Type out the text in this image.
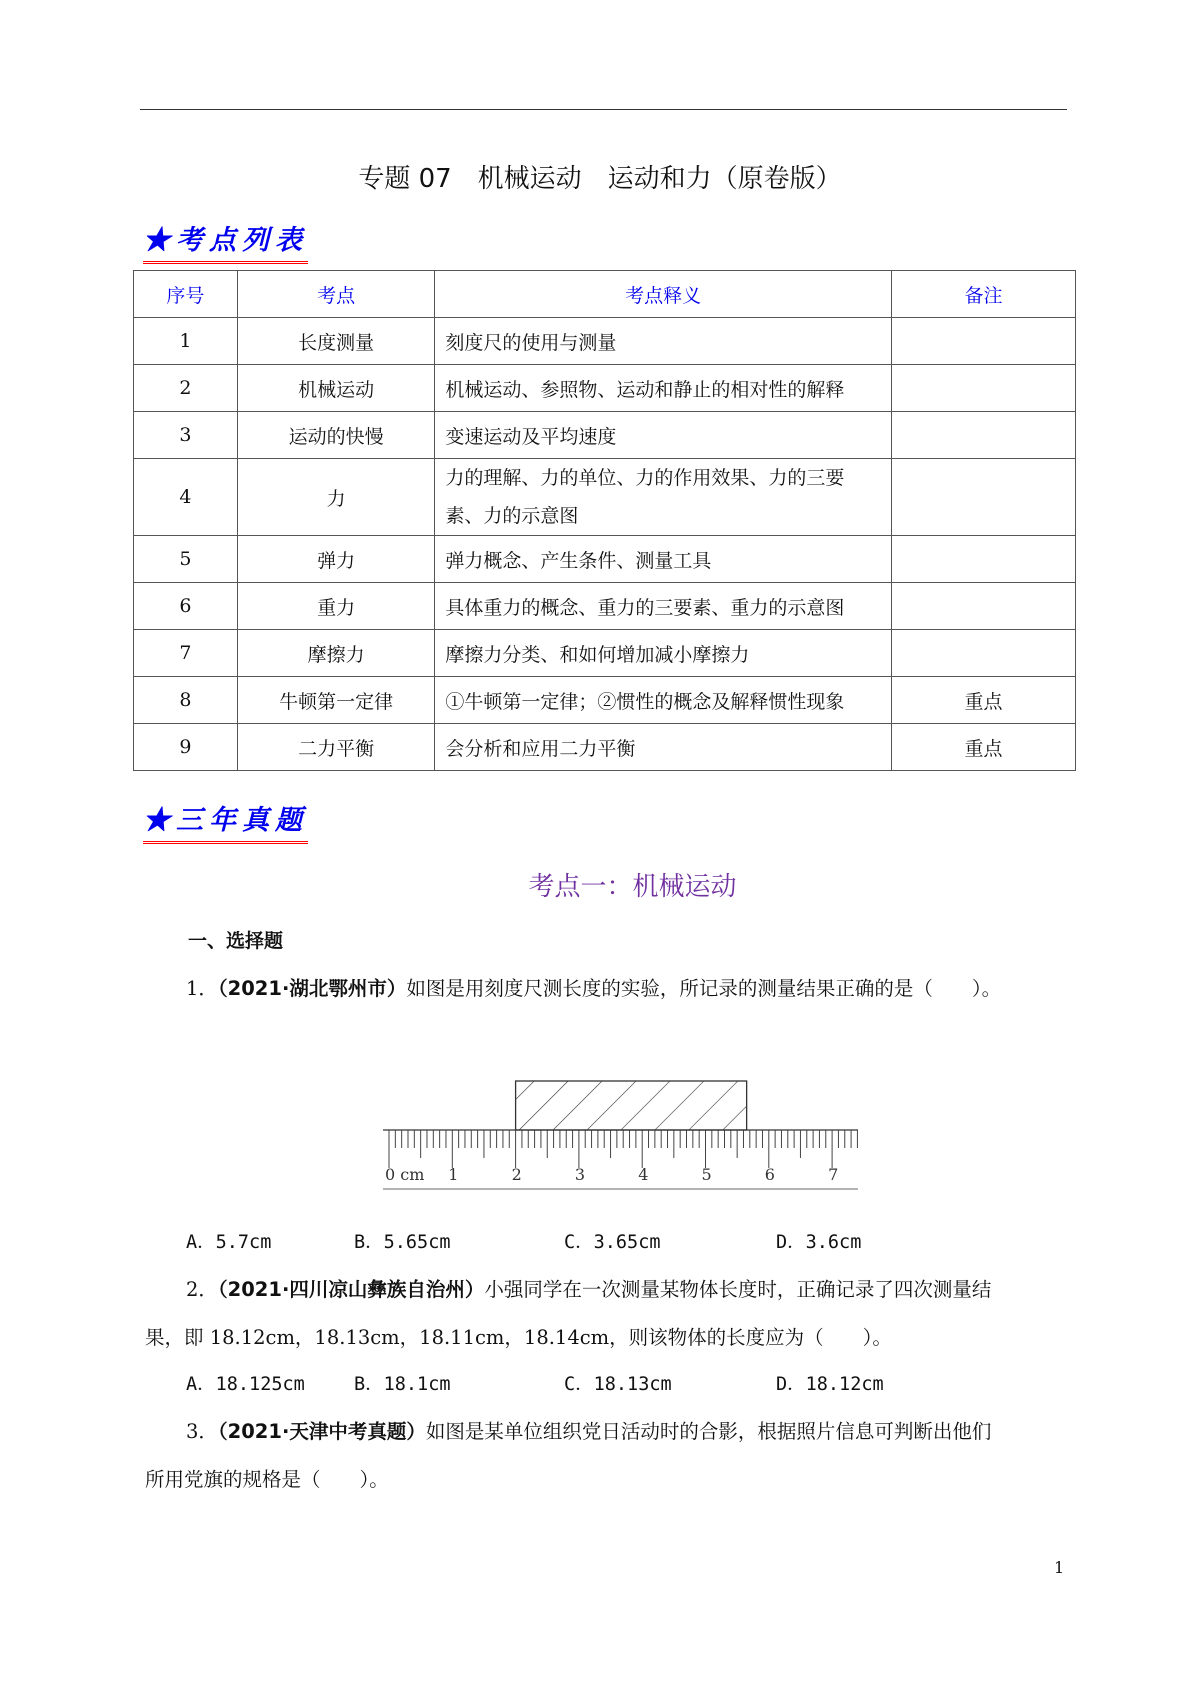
专题 07　机械运动　运动和力（原卷版）
★考点列表
序号	考点	考点释义	备注
1	长度测量	刻度尺的使用与测量	
2	机械运动	机械运动、参照物、运动和静止的相对性的解释	
3	运动的快慢	变速运动及平均速度	
4	力	力的理解、力的单位、力的作用效果、力的三要素、力的示意图	
5	弹力	弹力概念、产生条件、测量工具	
6	重力	具体重力的概念、重力的三要素、重力的示意图	
7	摩擦力	摩擦力分类、和如何增加减小摩擦力	
8	牛顿第一定律	①牛顿第一定律；②惯性的概念及解释惯性现象	重点
9	二力平衡	会分析和应用二力平衡	重点
★三年真题
考点一：机械运动
一、选择题
1．（2021·湖北鄂州市）如图是用刻度尺测长度的实验，所记录的测量结果正确的是（　　）。
0 cm 1	2	3	4	5	6	7
A．5.7cm	B．5.65cm	C．3.65cm	D．3.6cm
2．（2021·四川凉山彝族自治州）小强同学在一次测量某物体长度时，正确记录了四次测量结
果，即 18.12cm，18.13cm，18.11cm，18.14cm，则该物体的长度应为（　　）。
A．18.125cm	B．18.1cm	C．18.13cm	D．18.12cm
3．（2021·天津中考真题）如图是某单位组织党日活动时的合影，根据照片信息可判断出他们
所用党旗的规格是（　　）。
1
